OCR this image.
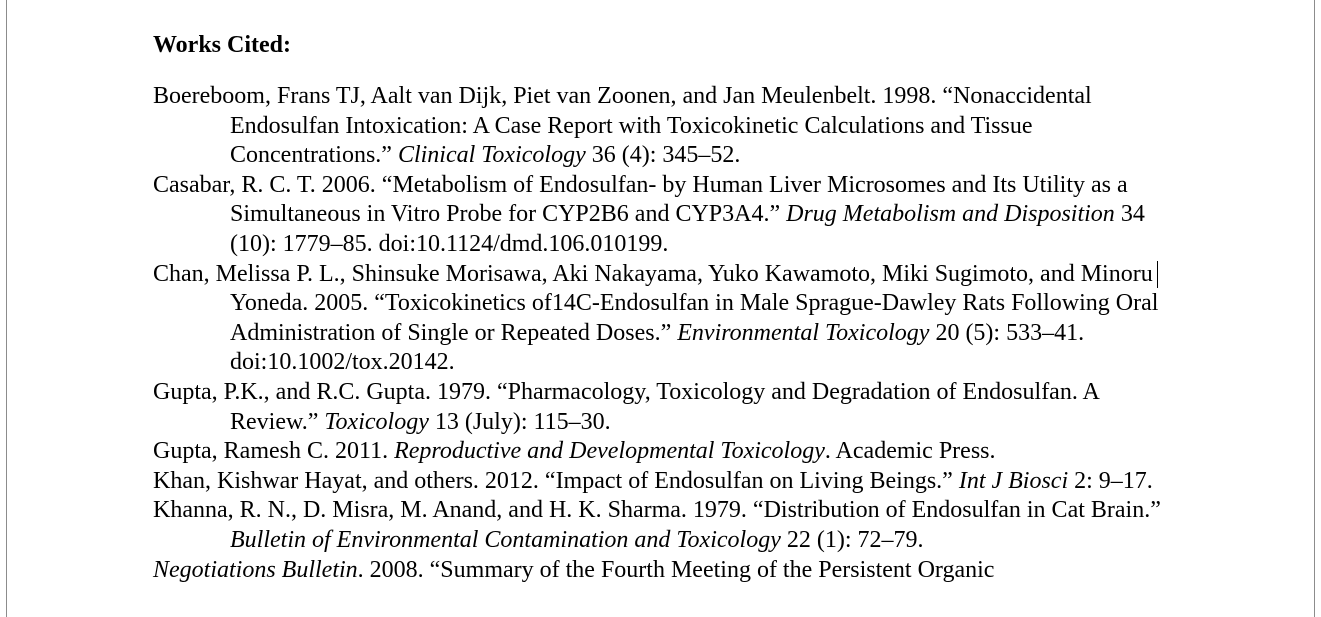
Works Cited:

Boereboom, Frans TJ, Aalt van Dijk, Piet van Zoonen, and Jan Meulenbelt. 1998. “Nonaccidental Endosulfan Intoxication: A Case Report with Toxicokinetic Calculations and Tissue Concentrations.” Clinical Toxicology 36 (4): 345–52.

Casabar, R. C. T. 2006. “Metabolism of Endosulfan- by Human Liver Microsomes and Its Utility as a Simultaneous in Vitro Probe for CYP2B6 and CYP3A4.” Drug Metabolism and Disposition 34 (10): 1779–85. doi:10.1124/dmd.106.010199.

Chan, Melissa P. L., Shinsuke Morisawa, Aki Nakayama, Yuko Kawamoto, Miki Sugimoto, and Minoru Yoneda. 2005. “Toxicokinetics of14C-Endosulfan in Male Sprague-Dawley Rats Following Oral Administration of Single or Repeated Doses.” Environmental Toxicology 20 (5): 533–41. doi:10.1002/tox.20142.

Gupta, P.K., and R.C. Gupta. 1979. “Pharmacology, Toxicology and Degradation of Endosulfan. A Review.” Toxicology 13 (July): 115–30.

Gupta, Ramesh C. 2011. Reproductive and Developmental Toxicology. Academic Press.

Khan, Kishwar Hayat, and others. 2012. “Impact of Endosulfan on Living Beings.” Int J Biosci 2: 9–17.

Khanna, R. N., D. Misra, M. Anand, and H. K. Sharma. 1979. “Distribution of Endosulfan in Cat Brain.” Bulletin of Environmental Contamination and Toxicology 22 (1): 72–79.

Negotiations Bulletin. 2008. “Summary of the Fourth Meeting of the Persistent Organic
